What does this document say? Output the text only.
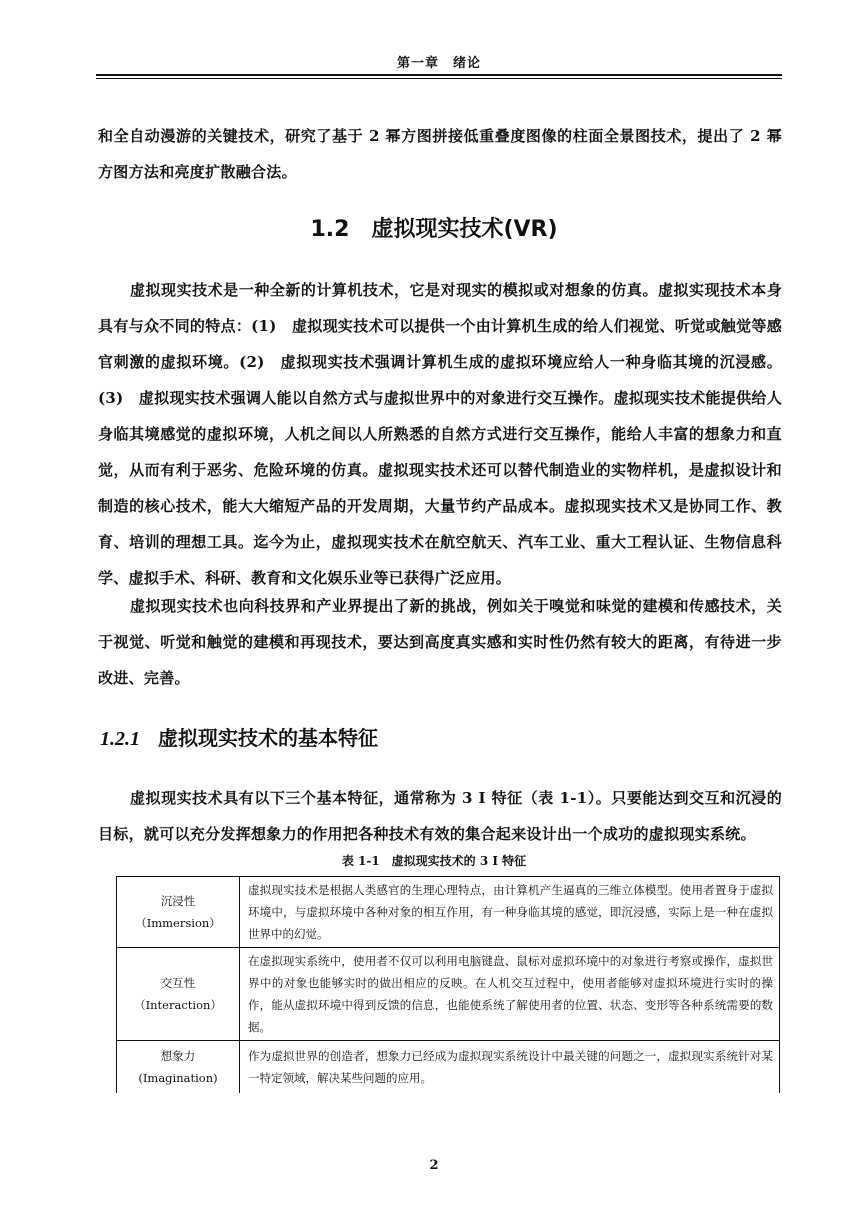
第一章　绪论
和全自动漫游的关键技术，研究了基于 2 幂方图拼接低重叠度图像的柱面全景图技术，提出了 2 幂方图方法和亮度扩散融合法。
1.2 虚拟现实技术(VR)
虚拟现实技术是一种全新的计算机技术，它是对现实的模拟或对想象的仿真。虚拟实现技术本身具有与众不同的特点：(1)　虚拟现实技术可以提供一个由计算机生成的给人们视觉、听觉或触觉等感官刺激的虚拟环境。(2)　虚拟现实技术强调计算机生成的虚拟环境应给人一种身临其境的沉浸感。(3)　虚拟现实技术强调人能以自然方式与虚拟世界中的对象进行交互操作。虚拟现实技术能提供给人身临其境感觉的虚拟环境，人机之间以人所熟悉的自然方式进行交互操作，能给人丰富的想象力和直觉，从而有利于恶劣、危险环境的仿真。虚拟现实技术还可以替代制造业的实物样机，是虚拟设计和制造的核心技术，能大大缩短产品的开发周期，大量节约产品成本。虚拟现实技术又是协同工作、教育、培训的理想工具。迄今为止，虚拟现实技术在航空航天、汽车工业、重大工程认证、生物信息科学、虚拟手术、科研、教育和文化娱乐业等已获得广泛应用。
虚拟现实技术也向科技界和产业界提出了新的挑战，例如关于嗅觉和味觉的建模和传感技术，关于视觉、听觉和触觉的建模和再现技术，要达到高度真实感和实时性仍然有较大的距离，有待进一步改进、完善。
1.2.1 虚拟现实技术的基本特征
虚拟现实技术具有以下三个基本特征，通常称为 3 I 特征（表 1-1）。只要能达到交互和沉浸的目标，就可以充分发挥想象力的作用把各种技术有效的集合起来设计出一个成功的虚拟现实系统。
表 1-1　虚拟现实技术的 3 I 特征
沉浸性
（Immersion）	虚拟现实技术是根据人类感官的生理心理特点，由计算机产生逼真的三维立体模型。使用者置身于虚拟环境中，与虚拟环境中各种对象的相互作用，有一种身临其境的感觉，即沉浸感，实际上是一种在虚拟世界中的幻觉。

交互性
（Interaction）	在虚拟现实系统中，使用者不仅可以利用电脑键盘、鼠标对虚拟环境中的对象进行考察或操作，虚拟世界中的对象也能够实时的做出相应的反映。在人机交互过程中，使用者能够对虚拟环境进行实时的操作，能从虚拟环境中得到反馈的信息，也能使系统了解使用者的位置、状态、变形等各种系统需要的数据。

想象力
(Imagination)	作为虚拟世界的创造者，想象力已经成为虚拟现实系统设计中最关键的问题之一，虚拟现实系统针对某一特定领域，解决某些问题的应用。
2
